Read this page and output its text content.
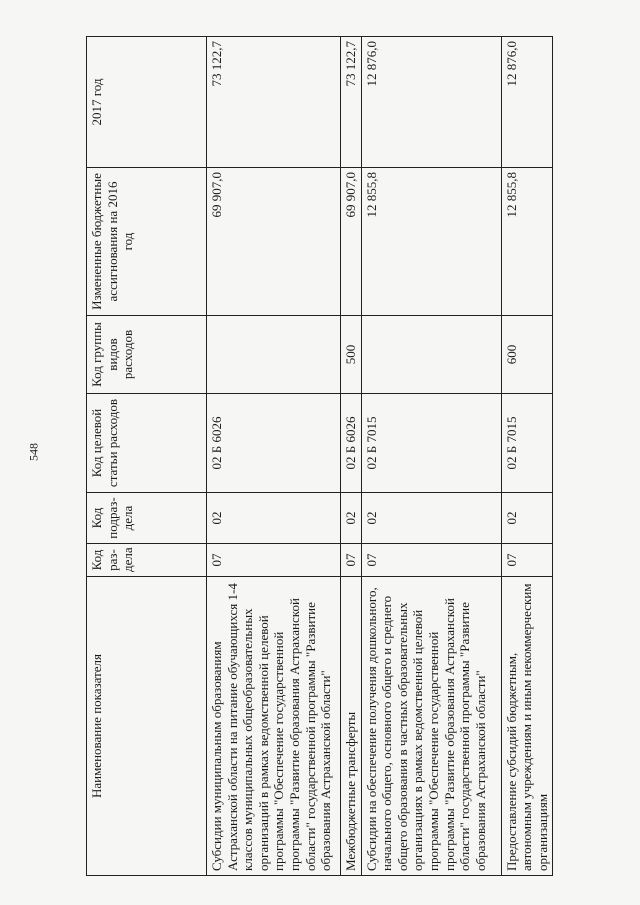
548
Наименование показателя	Код раз-дела	Код подраз-дела	Код целевой статьи расходов	Код группы видов расходов	Измененные бюджетные ассигнования на 2016 год	2017 год
Субсидии муниципальным образованиям Астраханской области на питание обучающихся 1-4 классов муниципальных общеобразовательных организаций в рамках ведомственной целевой программы "Обеспечение государственной программы "Развитие образования Астраханской области" государственной программы "Развитие образования Астраханской области"	07	02	02 Б 6026		69 907,0	73 122,7
Межбюджетные трансферты	07	02	02 Б 6026	500	69 907,0	73 122,7
Субсидии на обеспечение получения дошкольного, начального общего, основного общего и среднего общего образования в частных образовательных организациях в рамках ведомственной целевой программы "Обеспечение государственной программы "Развитие образования Астраханской области" государственной программы "Развитие образования Астраханской области"	07	02	02 Б 7015		12 855,8	12 876,0
Предоставление субсидий бюджетным, автономным учреждениям и иным некоммерческим организациям	07	02	02 Б 7015	600	12 855,8	12 876,0
